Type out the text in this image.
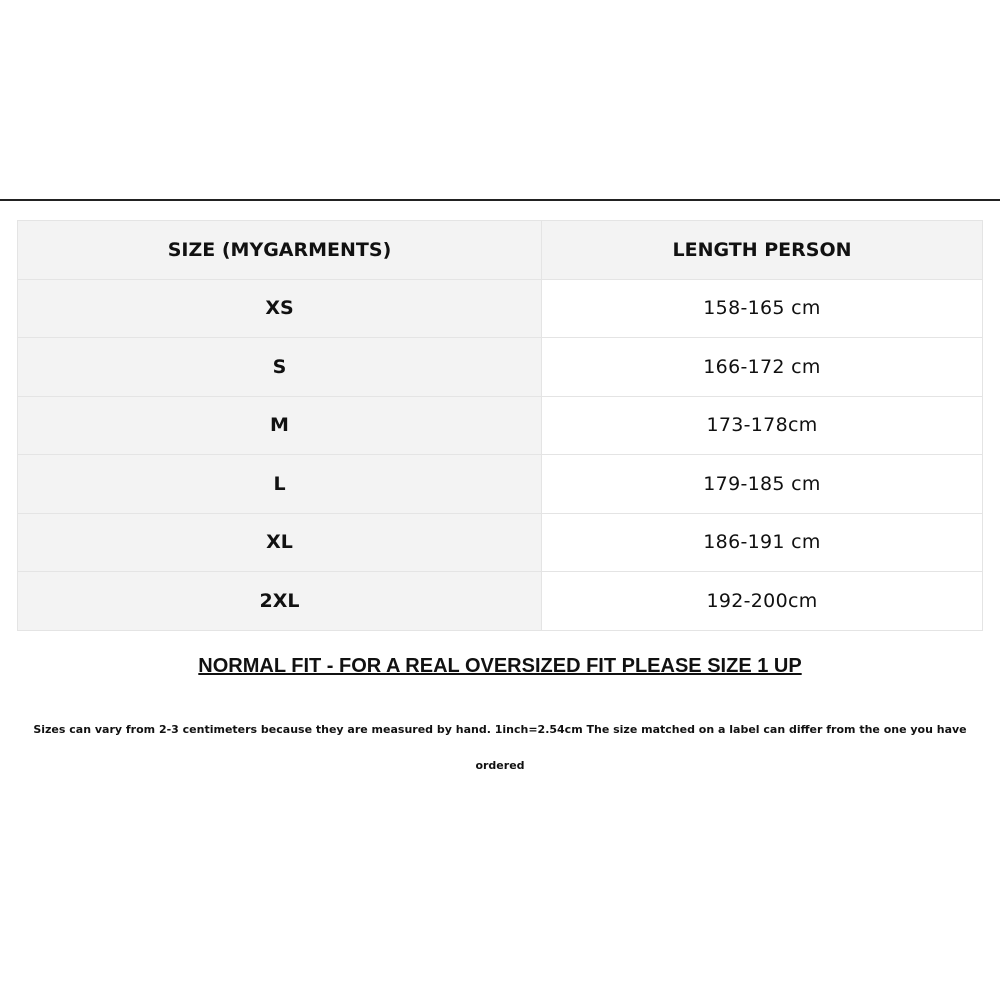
SIZE (MYGARMENTS)	LENGTH PERSON
XS	158-165 cm
S	166-172 cm
M	173-178cm
L	179-185 cm
XL	186-191 cm
2XL	192-200cm
NORMAL FIT - FOR A REAL OVERSIZED FIT PLEASE SIZE 1 UP
Sizes can vary from 2-3 centimeters because they are measured by hand. 1inch=2.54cm The size matched on a label can differ from the one you have ordered
